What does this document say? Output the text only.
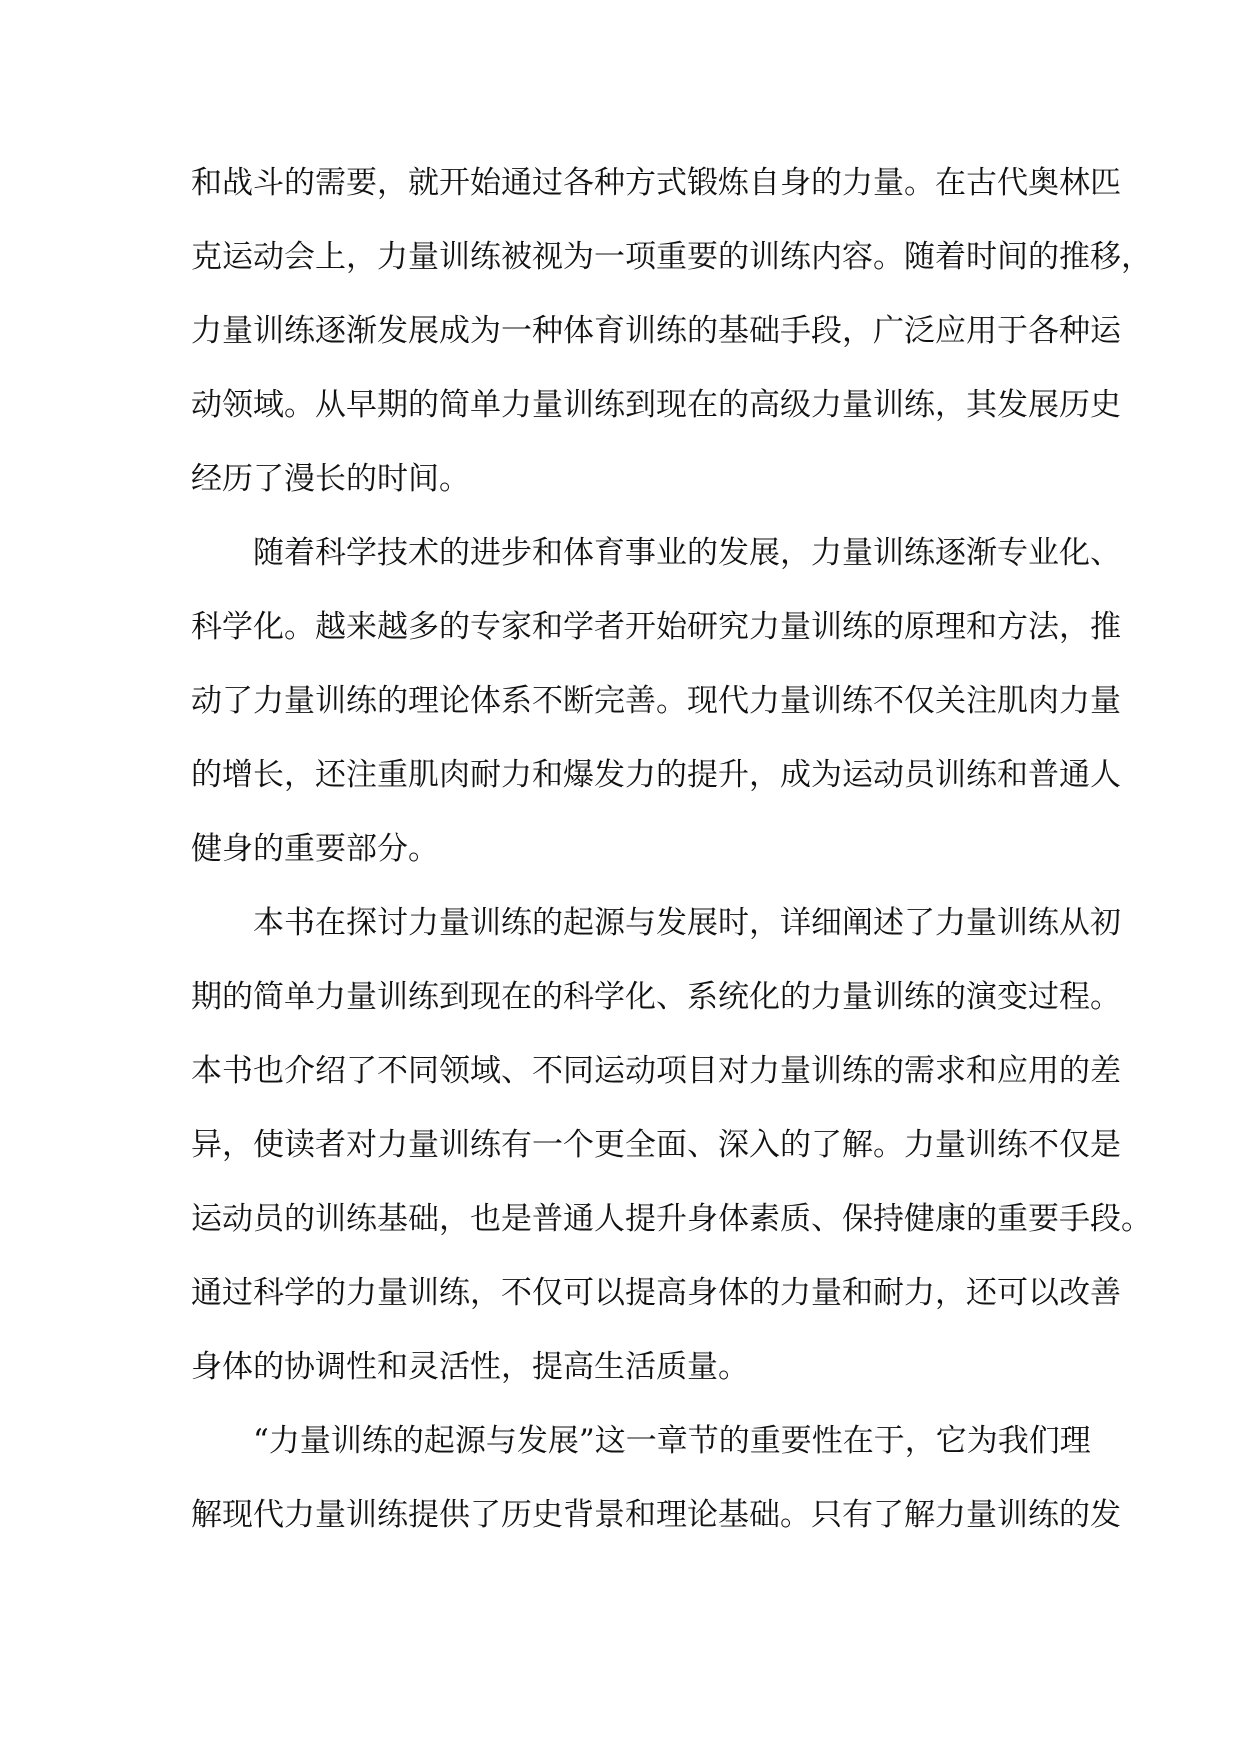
和战斗的需要，就开始通过各种方式锻炼自身的力量。在古代奥林匹
克运动会上，力量训练被视为一项重要的训练内容。随着时间的推移，
力量训练逐渐发展成为一种体育训练的基础手段，广泛应用于各种运
动领域。从早期的简单力量训练到现在的高级力量训练，其发展历史
经历了漫长的时间。
随着科学技术的进步和体育事业的发展，力量训练逐渐专业化、
科学化。越来越多的专家和学者开始研究力量训练的原理和方法，推
动了力量训练的理论体系不断完善。现代力量训练不仅关注肌肉力量
的增长，还注重肌肉耐力和爆发力的提升，成为运动员训练和普通人
健身的重要部分。
本书在探讨力量训练的起源与发展时，详细阐述了力量训练从初
期的简单力量训练到现在的科学化、系统化的力量训练的演变过程。
本书也介绍了不同领域、不同运动项目对力量训练的需求和应用的差
异，使读者对力量训练有一个更全面、深入的了解。力量训练不仅是
运动员的训练基础，也是普通人提升身体素质、保持健康的重要手段。
通过科学的力量训练，不仅可以提高身体的力量和耐力，还可以改善
身体的协调性和灵活性，提高生活质量。
“力量训练的起源与发展”这一章节的重要性在于，它为我们理
解现代力量训练提供了历史背景和理论基础。只有了解力量训练的发
